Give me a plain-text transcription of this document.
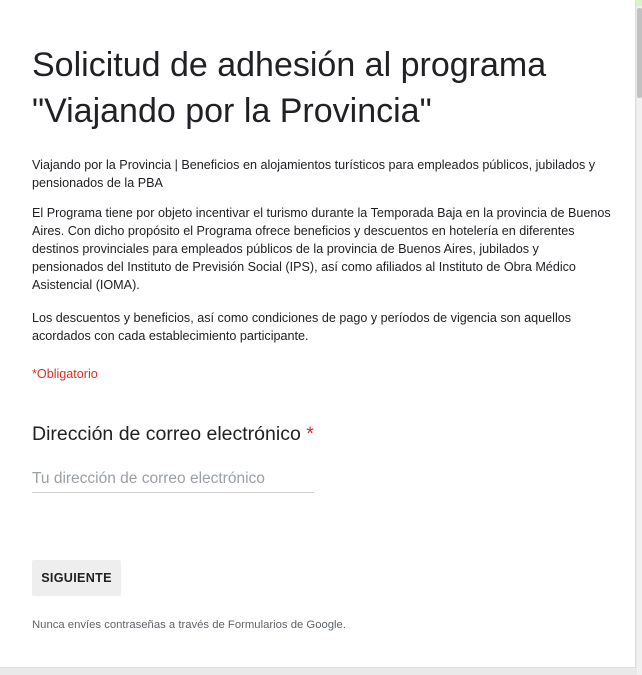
Solicitud de adhesión al programa "Viajando por la Provincia"

Viajando por la Provincia | Beneficios en alojamientos turísticos para empleados públicos, jubilados y pensionados de la PBA

El Programa tiene por objeto incentivar el turismo durante la Temporada Baja en la provincia de Buenos Aires. Con dicho propósito el Programa ofrece beneficios y descuentos en hotelería en diferentes destinos provinciales para empleados públicos de la provincia de Buenos Aires, jubilados y pensionados del Instituto de Previsión Social (IPS), así como afiliados al Instituto de Obra Médico Asistencial (IOMA).

Los descuentos y beneficios, así como condiciones de pago y períodos de vigencia son aquellos acordados con cada establecimiento participante.

*Obligatorio
Dirección de correo electrónico *
Tu dirección de correo electrónico
SIGUIENTE
Nunca envíes contraseñas a través de Formularios de Google.
